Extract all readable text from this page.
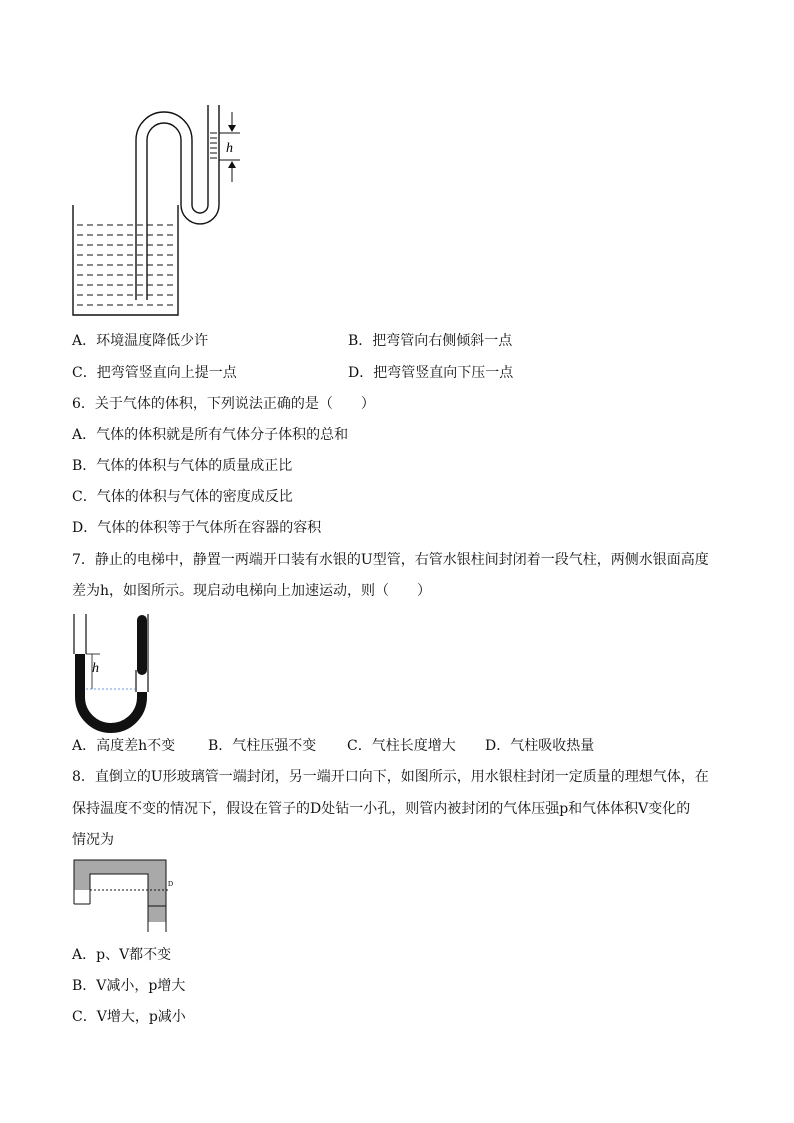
h
A．环境温度降低少许	B．把弯管向右侧倾斜一点
C．把弯管竖直向上提一点	D．把弯管竖直向下压一点
6．关于气体的体积，下列说法正确的是（　　）
A．气体的体积就是所有气体分子体积的总和
B．气体的体积与气体的质量成正比
C．气体的体积与气体的密度成反比
D．气体的体积等于气体所在容器的容积
7．静止的电梯中，静置一两端开口装有水银的U型管，右管水银柱间封闭着一段气柱，两侧水银面高度
差为h，如图所示。现启动电梯向上加速运动，则（　　）
h
A．高度差h不变 B．气柱压强不变 C．气柱长度增大 D．气柱吸收热量
8．直倒立的U形玻璃管一端封闭，另一端开口向下，如图所示，用水银柱封闭一定质量的理想气体，在
保持温度不变的情况下，假设在管子的D处钻一小孔，则管内被封闭的气体压强p和气体体积V变化的
情况为
D
A．p、V都不变
B．V减小，p增大
C．V增大，p减小
